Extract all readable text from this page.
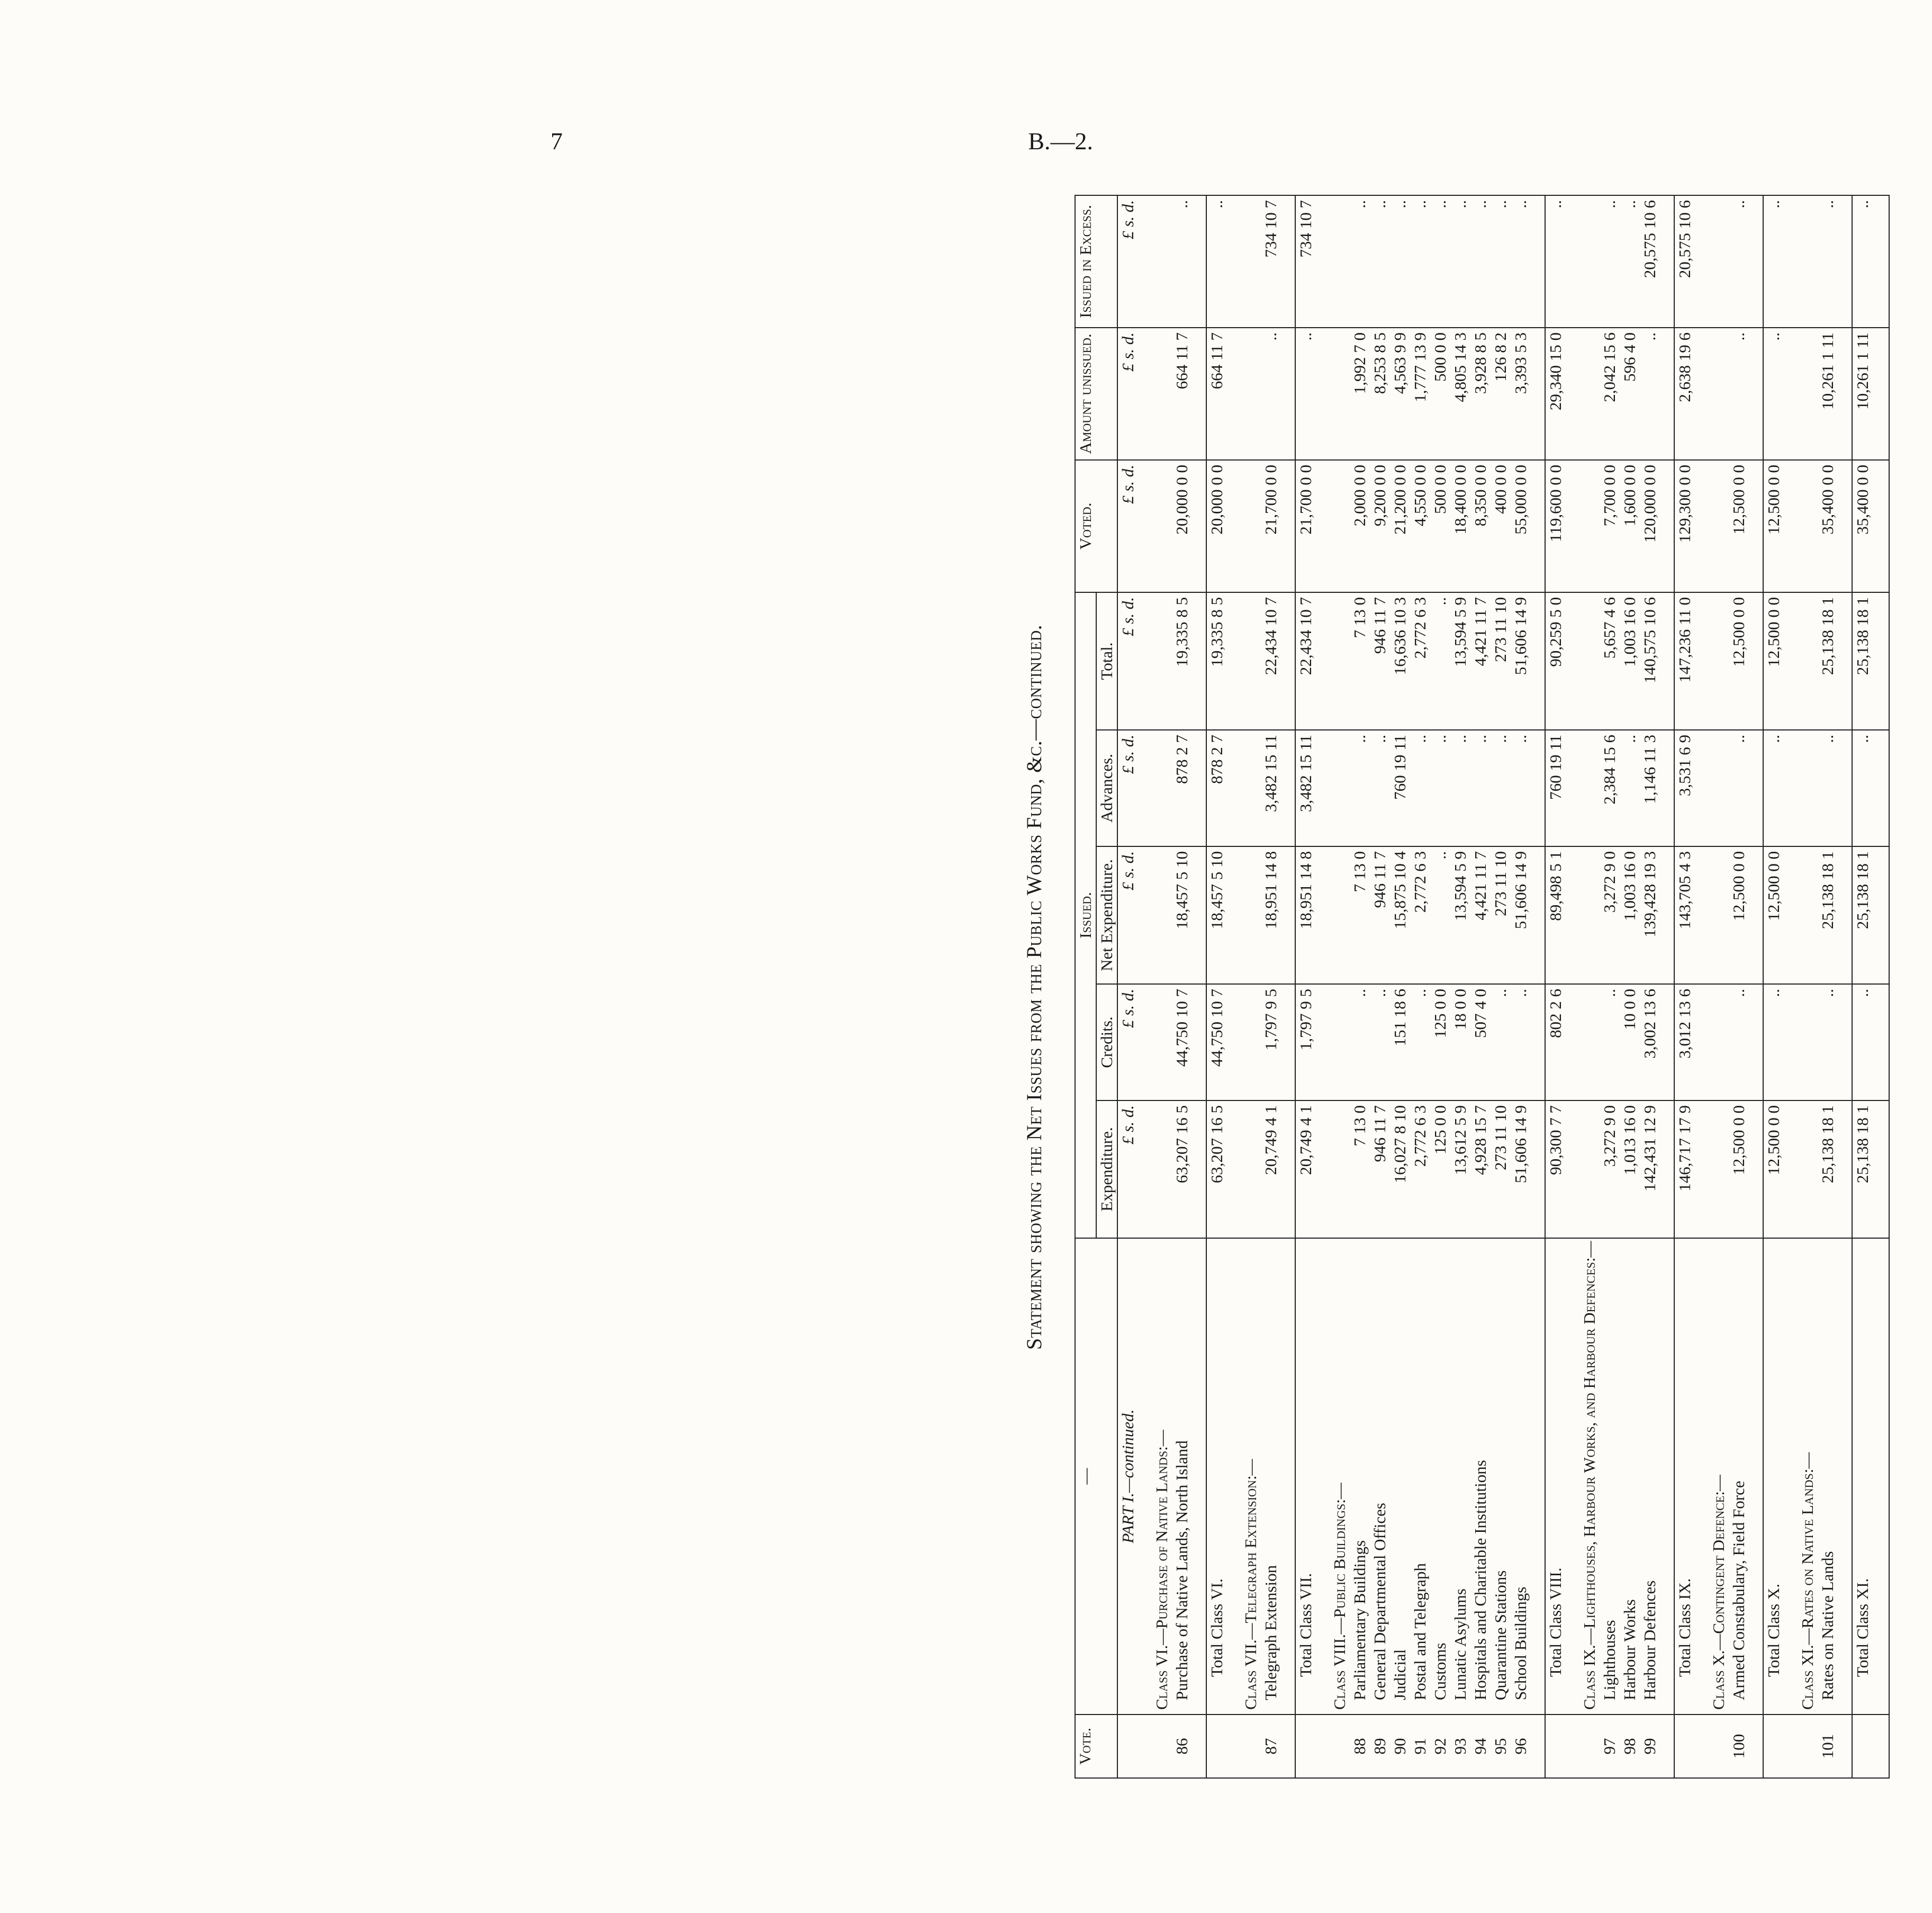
7	B.—2.
Statement showing the Net Issues from the Public Works Fund, &c.—continued.
Vote.	—	Issued.					Voted.	Amount unissued.	Issued in Excess.
		Expenditure.	Credits.	Net Expenditure.	Advances.	Total.			
	PART I.—continued.	£ s. d.	£ s. d.	£ s. d.	£ s. d.	£ s. d.	£ s. d.	£ s. d.	£ s. d.

	Class VI.—Purchase of Native Lands:—								
86	Purchase of Native Lands, North Island	63,207 16 5	44,750 10 7	18,457 5 10	878 2 7	19,335 8 5	20,000 0 0	664 11 7	..

	Total Class VI.	63,207 16 5	44,750 10 7	18,457 5 10	878 2 7	19,335 8 5	20,000 0 0	664 11 7	..

	Class VII.—Telegraph Extension:—								
87	Telegraph Extension	20,749 4 1	1,797 9 5	18,951 14 8	3,482 15 11	22,434 10 7	21,700 0 0	..	734 10 7

	Total Class VII.	20,749 4 1	1,797 9 5	18,951 14 8	3,482 15 11	22,434 10 7	21,700 0 0	..	734 10 7

	Class VIII.—Public Buildings:—								
88	Parliamentary Buildings	7 13 0	..	7 13 0	..	7 13 0	2,000 0 0	1,992 7 0	..
89	General Departmental Offices	946 11 7	..	946 11 7	..	946 11 7	9,200 0 0	8,253 8 5	..
90	Judicial	16,027 8 10	151 18 6	15,875 10 4	760 19 11	16,636 10 3	21,200 0 0	4,563 9 9	..
91	Postal and Telegraph	2,772 6 3	..	2,772 6 3	..	2,772 6 3	4,550 0 0	1,777 13 9	..
92	Customs	125 0 0	125 0 0	..	..	..	500 0 0	500 0 0	..
93	Lunatic Asylums	13,612 5 9	18 0 0	13,594 5 9	..	13,594 5 9	18,400 0 0	4,805 14 3	..
94	Hospitals and Charitable Institutions	4,928 15 7	507 4 0	4,421 11 7	..	4,421 11 7	8,350 0 0	3,928 8 5	..
95	Quarantine Stations	273 11 10	..	273 11 10	..	273 11 10	400 0 0	126 8 2	..
96	School Buildings	51,606 14 9	..	51,606 14 9	..	51,606 14 9	55,000 0 0	3,393 5 3	..

	Total Class VIII.	90,300 7 7	802 2 6	89,498 5 1	760 19 11	90,259 5 0	119,600 0 0	29,340 15 0	..

	Class IX.—Lighthouses, Harbour Works, and Harbour Defences:—								
97	Lighthouses	3,272 9 0	..	3,272 9 0	2,384 15 6	5,657 4 6	7,700 0 0	2,042 15 6	..
98	Harbour Works	1,013 16 0	10 0 0	1,003 16 0	..	1,003 16 0	1,600 0 0	596 4 0	..
99	Harbour Defences	142,431 12 9	3,002 13 6	139,428 19 3	1,146 11 3	140,575 10 6	120,000 0 0	..	20,575 10 6

	Total Class IX.	146,717 17 9	3,012 13 6	143,705 4 3	3,531 6 9	147,236 11 0	129,300 0 0	2,638 19 6	20,575 10 6

	Class X.—Contingent Defence:—								
100	Armed Constabulary, Field Force	12,500 0 0	..	12,500 0 0	..	12,500 0 0	12,500 0 0	..	..

	Total Class X.	12,500 0 0	..	12,500 0 0	..	12,500 0 0	12,500 0 0	..	..

	Class XI.—Rates on Native Lands:—								
101	Rates on Native Lands	25,138 18 1	..	25,138 18 1	..	25,138 18 1	35,400 0 0	10,261 1 11	..

	Total Class XI.	25,138 18 1	..	25,138 18 1	..	25,138 18 1	35,400 0 0	10,261 1 11	..
